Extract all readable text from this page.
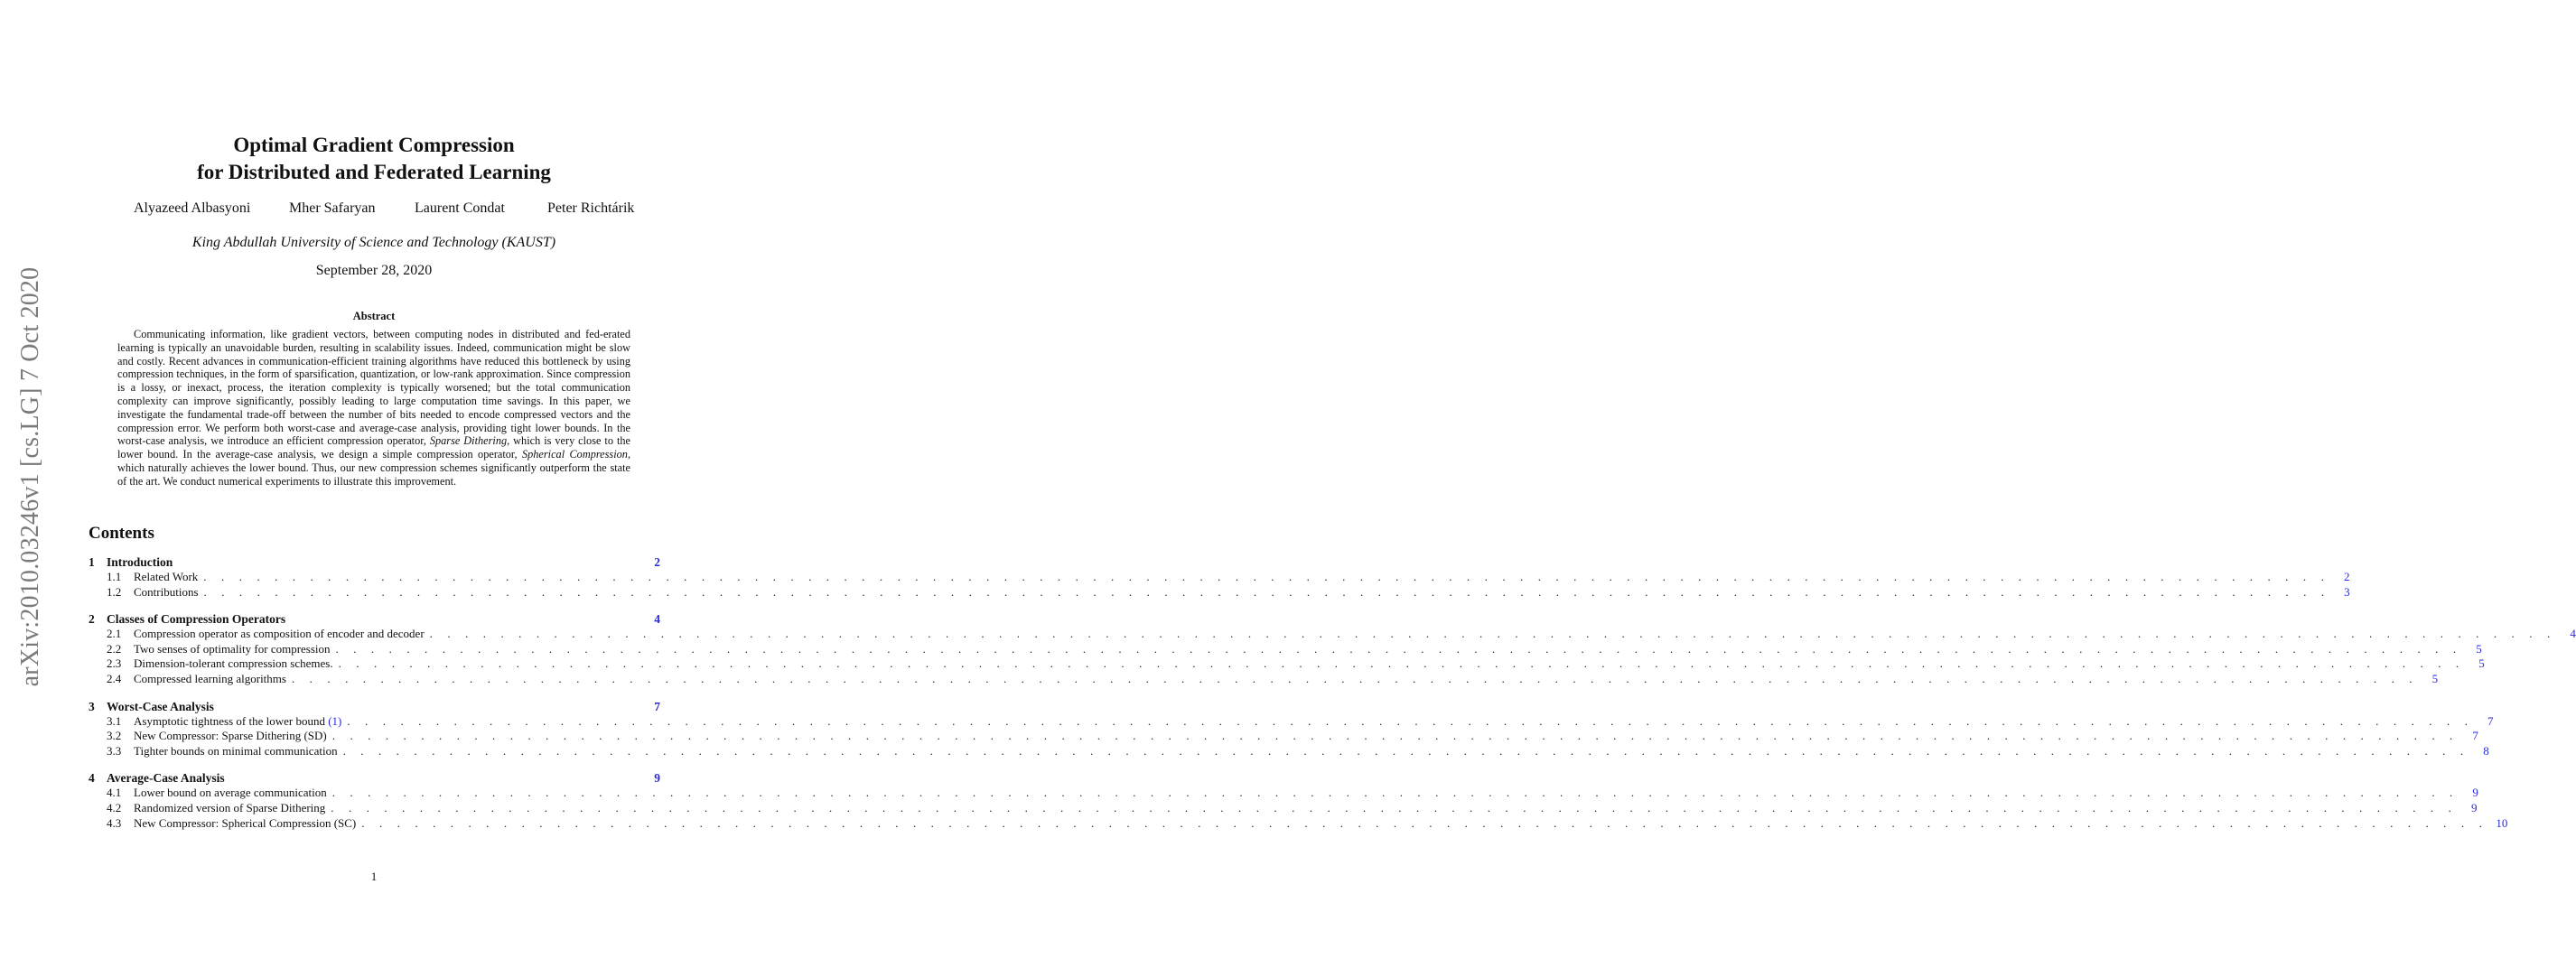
arXiv:2010.03246v1 [cs.LG] 7 Oct 2020
Optimal Gradient Compression
for Distributed and Federated Learning
Alyazeed Albasyoni	Mher Safaryan	Laurent Condat	Peter Richtárik
King Abdullah University of Science and Technology (KAUST)
September 28, 2020
Abstract
Communicating information, like gradient vectors, between computing nodes in distributed and fed-erated learning is typically an unavoidable burden, resulting in scalability issues. Indeed, communication might be slow and costly. Recent advances in communication-efficient training algorithms have reduced this bottleneck by using compression techniques, in the form of sparsification, quantization, or low-rank approximation. Since compression is a lossy, or inexact, process, the iteration complexity is typically worsened; but the total communication complexity can improve significantly, possibly leading to large computation time savings. In this paper, we investigate the fundamental trade-off between the number of bits needed to encode compressed vectors and the compression error. We perform both worst-case and average-case analysis, providing tight lower bounds. In the worst-case analysis, we introduce an efficient compression operator, Sparse Dithering, which is very close to the lower bound. In the average-case analysis, we design a simple compression operator, Spherical Compression, which naturally achieves the lower bound. Thus, our new compression schemes significantly outperform the state of the art. We conduct numerical experiments to illustrate this improvement.
Contents
1 Introduction	2
1.1	Related Work . . . . . . . . . . . . . . . . . . . . . . . . . . . . . . . . . . . . . . . . . . . . . . . . . . . . . . . . . . . . . . . . . . . . . . . . . . . . . . . . . . . . . . . . . . . . . . . . . . . . . . . . . . . . . . . . . . . . . . . .	2
1.2	Contributions . . . . . . . . . . . . . . . . . . . . . . . . . . . . . . . . . . . . . . . . . . . . . . . . . . . . . . . . . . . . . . . . . . . . . . . . . . . . . . . . . . . . . . . . . . . . . . . . . . . . . . . . . . . . . . . . . . . . . . . .	3
2 Classes of Compression Operators	4
2.1	Compression operator as composition of encoder and decoder . . . . . . . . . . . . . . . . . . . . . . . . . . . . . . . . . . . . . . . . . . . . . . . . . . . . . . . . . . . . . . . . . . . . . . . . . . . . . . . . . . . . . . . . . . . . . . . . . . . . . . . . . . . . . . . . . . . . . . . .	4
2.2	Two senses of optimality for compression . . . . . . . . . . . . . . . . . . . . . . . . . . . . . . . . . . . . . . . . . . . . . . . . . . . . . . . . . . . . . . . . . . . . . . . . . . . . . . . . . . . . . . . . . . . . . . . . . . . . . . . . . . . . . . . . . . . . . . . .	5
2.3	Dimension-tolerant compression schemes. . . . . . . . . . . . . . . . . . . . . . . . . . . . . . . . . . . . . . . . . . . . . . . . . . . . . . . . . . . . . . . . . . . . . . . . . . . . . . . . . . . . . . . . . . . . . . . . . . . . . . . . . . . . . . . . . . . . . . . . .	5
2.4	Compressed learning algorithms . . . . . . . . . . . . . . . . . . . . . . . . . . . . . . . . . . . . . . . . . . . . . . . . . . . . . . . . . . . . . . . . . . . . . . . . . . . . . . . . . . . . . . . . . . . . . . . . . . . . . . . . . . . . . . . . . . . . . . . .	5
3 Worst-Case Analysis	7
3.1	Asymptotic tightness of the lower bound (1) . . . . . . . . . . . . . . . . . . . . . . . . . . . . . . . . . . . . . . . . . . . . . . . . . . . . . . . . . . . . . . . . . . . . . . . . . . . . . . . . . . . . . . . . . . . . . . . . . . . . . . . . . . . . . . . . . . . . . . . .	7
3.2	New Compressor: Sparse Dithering (SD) . . . . . . . . . . . . . . . . . . . . . . . . . . . . . . . . . . . . . . . . . . . . . . . . . . . . . . . . . . . . . . . . . . . . . . . . . . . . . . . . . . . . . . . . . . . . . . . . . . . . . . . . . . . . . . . . . . . . . . . .	7
3.3	Tighter bounds on minimal communication . . . . . . . . . . . . . . . . . . . . . . . . . . . . . . . . . . . . . . . . . . . . . . . . . . . . . . . . . . . . . . . . . . . . . . . . . . . . . . . . . . . . . . . . . . . . . . . . . . . . . . . . . . . . . . . . . . . . . . . .	8
4 Average-Case Analysis	9
4.1	Lower bound on average communication . . . . . . . . . . . . . . . . . . . . . . . . . . . . . . . . . . . . . . . . . . . . . . . . . . . . . . . . . . . . . . . . . . . . . . . . . . . . . . . . . . . . . . . . . . . . . . . . . . . . . . . . . . . . . . . . . . . . . . . .	9
4.2	Randomized version of Sparse Dithering . . . . . . . . . . . . . . . . . . . . . . . . . . . . . . . . . . . . . . . . . . . . . . . . . . . . . . . . . . . . . . . . . . . . . . . . . . . . . . . . . . . . . . . . . . . . . . . . . . . . . . . . . . . . . . . . . . . . . . . .	9
4.3	New Compressor: Spherical Compression (SC) . . . . . . . . . . . . . . . . . . . . . . . . . . . . . . . . . . . . . . . . . . . . . . . . . . . . . . . . . . . . . . . . . . . . . . . . . . . . . . . . . . . . . . . . . . . . . . . . . . . . . . . . . . . . . . . . . . . . . . . . 10
1
